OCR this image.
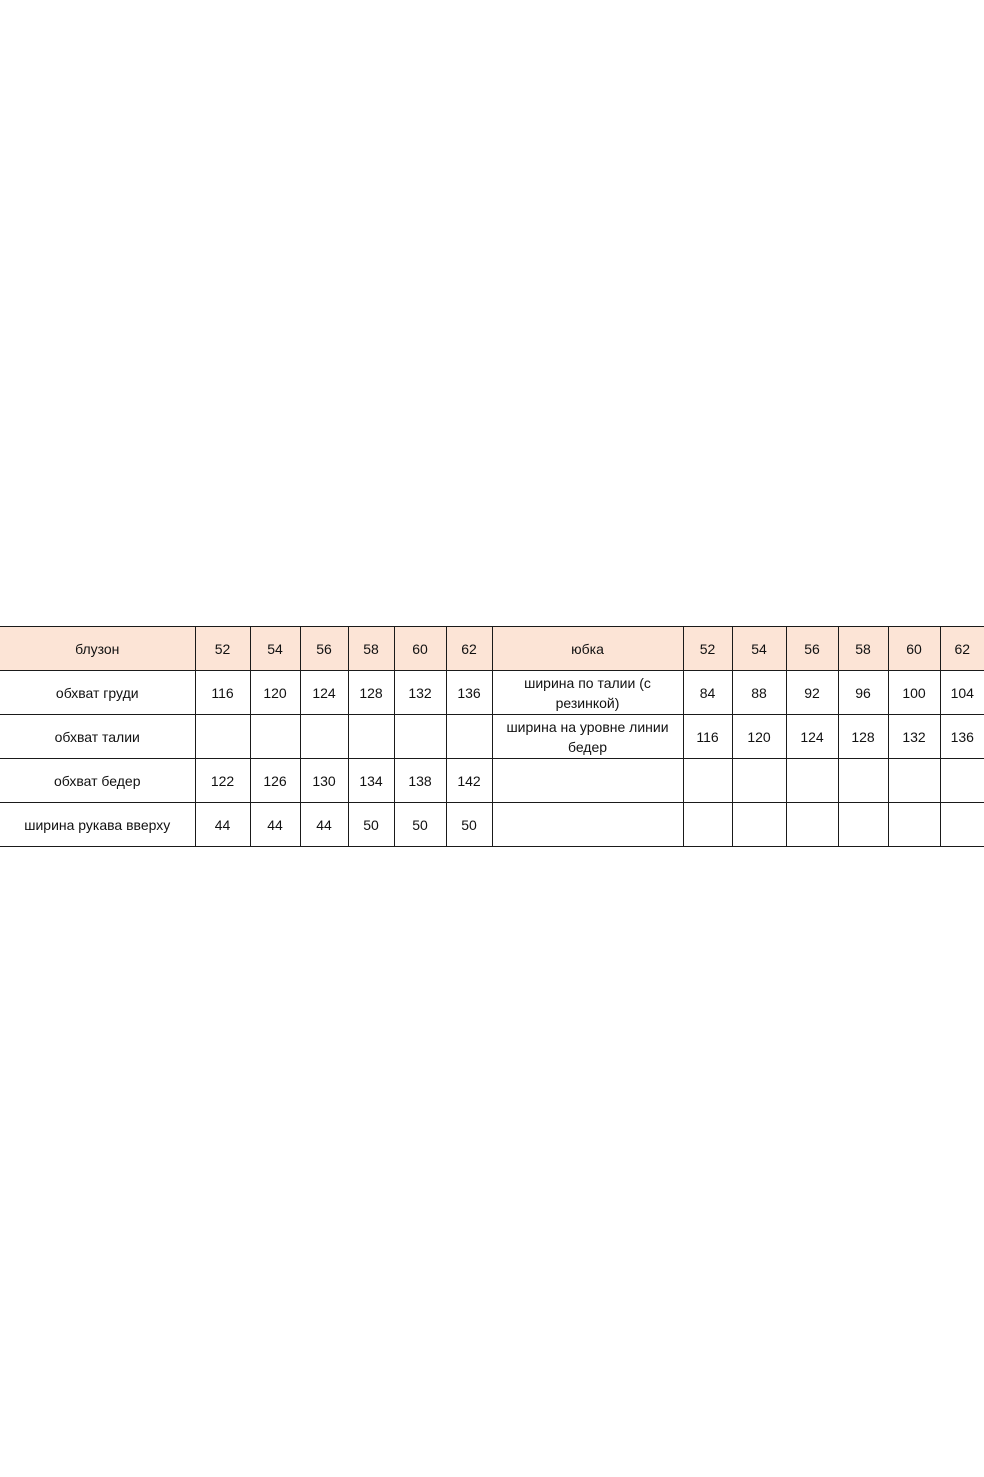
блузон	52	54	56	58	60	62	юбка	52	54	56	58	60	62
обхват груди	116	120	124	128	132	136	ширина по талии (с резинкой)	84	88	92	96	100	104
обхват талии							ширина на уровне линии бедер	116	120	124	128	132	136
обхват бедер	122	126	130	134	138	142							
ширина рукава вверху	44	44	44	50	50	50							
